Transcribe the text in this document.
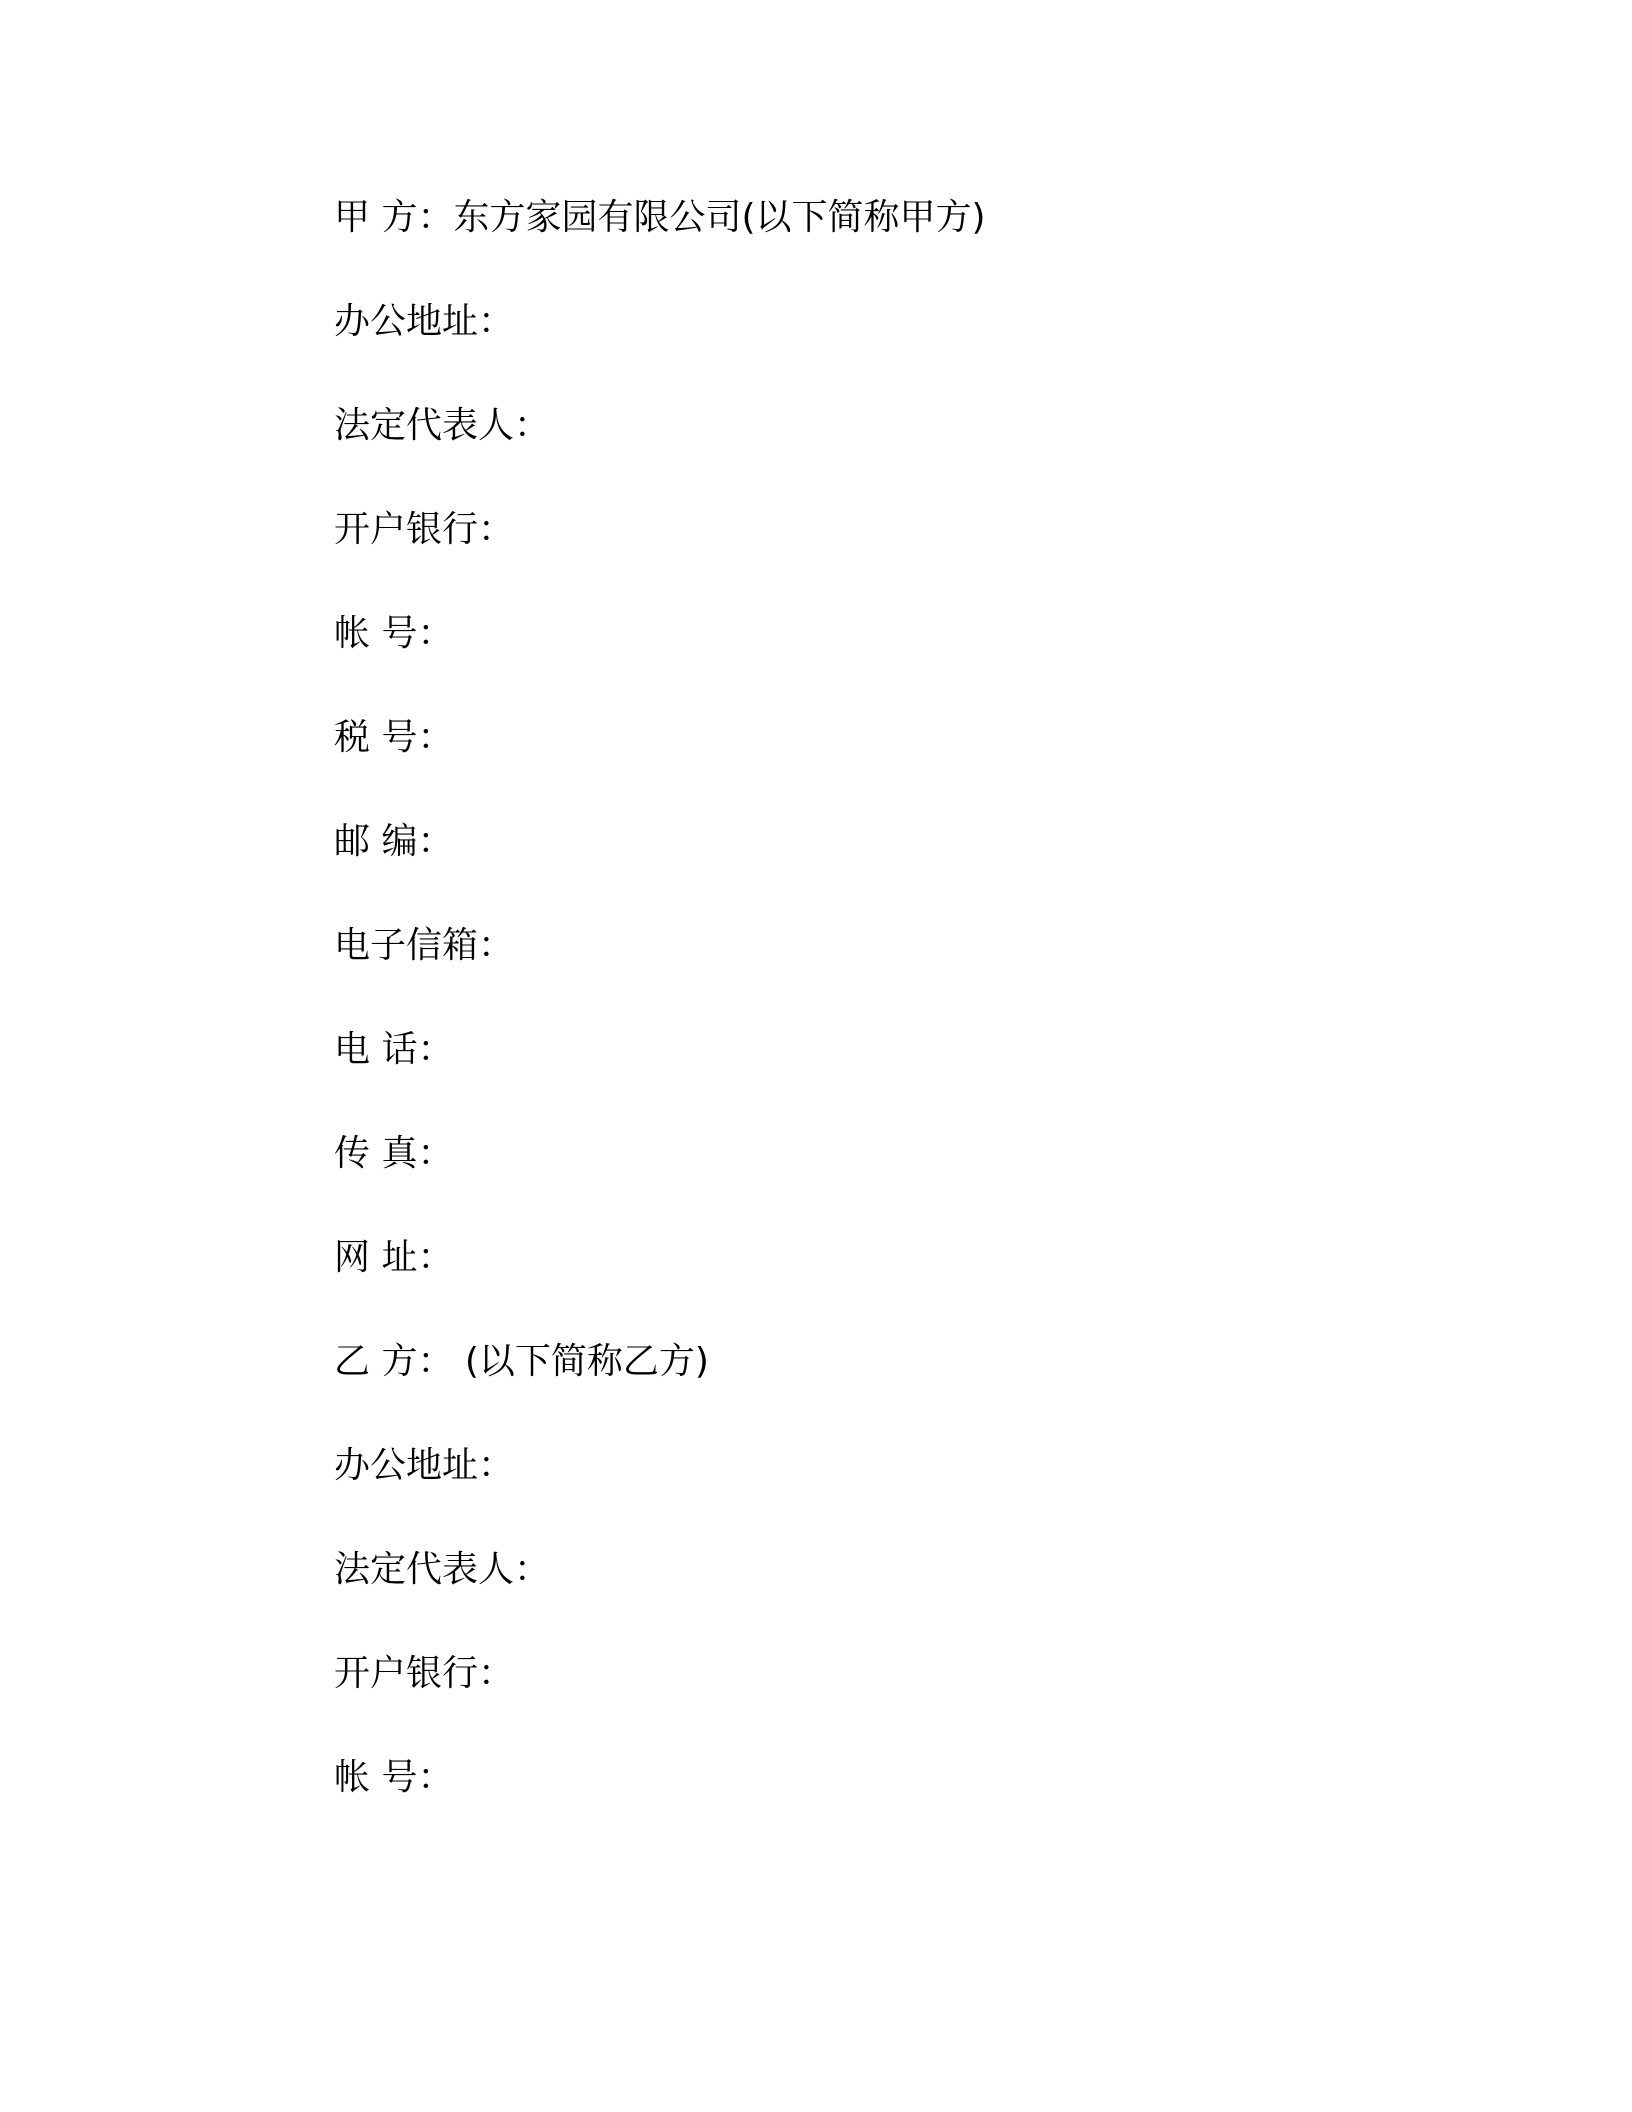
甲 方：东方家园有限公司(以下简称甲方)
办公地址：
法定代表人：
开户银行：
帐 号：
税 号：
邮 编：
电子信箱：
电 话：
传 真：
网 址：
乙 方： (以下简称乙方)
办公地址：
法定代表人：
开户银行：
帐 号：
